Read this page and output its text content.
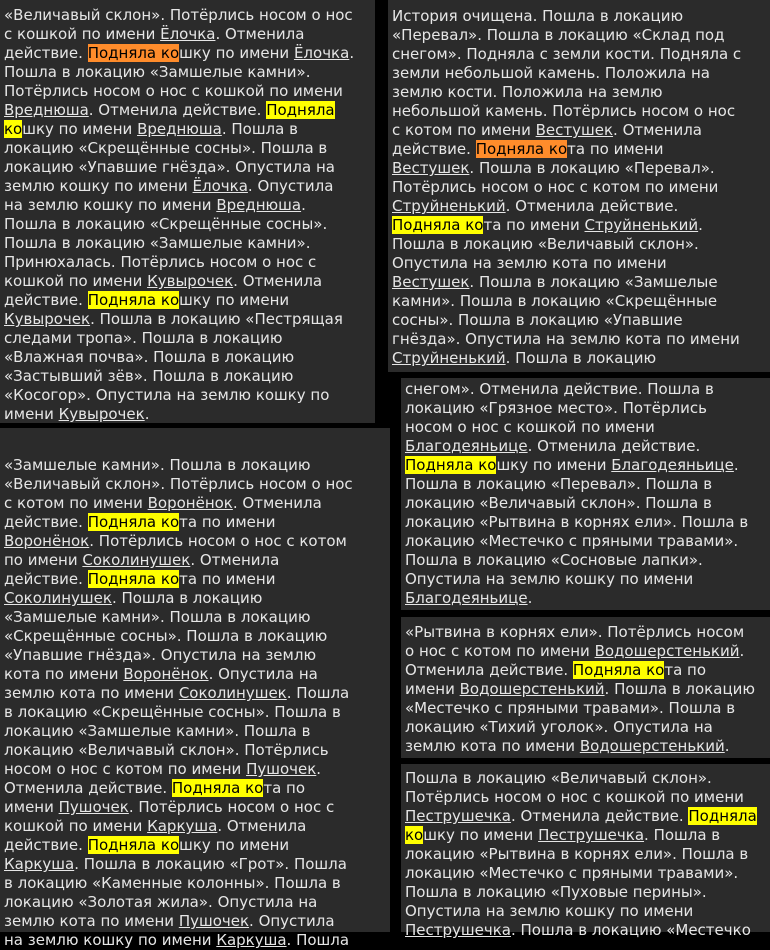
«Величавый склон». Потёрлись носом о нос
с кошкой по имени Ёлочка. Отменила
действие. Подняла кошку по имени Ёлочка.
Пошла в локацию «Замшелые камни».
Потёрлись носом о нос с кошкой по имени
Вреднюша. Отменила действие. Подняла
кошку по имени Вреднюша. Пошла в
локацию «Скрещённые сосны». Пошла в
локацию «Упавшие гнёзда». Опустила на
землю кошку по имени Ёлочка. Опустила
на землю кошку по имени Вреднюша.
Пошла в локацию «Скрещённые сосны».
Пошла в локацию «Замшелые камни».
Принюхалась. Потёрлись носом о нос с
кошкой по имени Кувырочек. Отменила
действие. Подняла кошку по имени
Кувырочек. Пошла в локацию «Пестрящая
следами тропа». Пошла в локацию
«Влажная почва». Пошла в локацию
«Застывший зёв». Пошла в локацию
«Косогор». Опустила на землю кошку по
имени Кувырочек.
История очищена. Пошла в локацию
«Перевал». Пошла в локацию «Склад под
снегом». Подняла с земли кости. Подняла с
земли небольшой камень. Положила на
землю кости. Положила на землю
небольшой камень. Потёрлись носом о нос
с котом по имени Вестушек. Отменила
действие. Подняла кота по имени
Вестушек. Пошла в локацию «Перевал».
Потёрлись носом о нос с котом по имени
Струйненький. Отменила действие.
Подняла кота по имени Струйненький.
Пошла в локацию «Величавый склон».
Опустила на землю кота по имени
Вестушек. Пошла в локацию «Замшелые
камни». Пошла в локацию «Скрещённые
сосны». Пошла в локацию «Упавшие
гнёзда». Опустила на землю кота по имени
Струйненький. Пошла в локацию
снегом». Отменила действие. Пошла в
локацию «Грязное место». Потёрлись
носом о нос с кошкой по имени
Благодеяньице. Отменила действие.
Подняла кошку по имени Благодеяньице.
Пошла в локацию «Перевал». Пошла в
локацию «Величавый склон». Пошла в
локацию «Рытвина в корнях ели». Пошла в
локацию «Местечко с пряными травами».
Пошла в локацию «Сосновые лапки».
Опустила на землю кошку по имени
Благодеяньице.
«Замшелые камни». Пошла в локацию
«Величавый склон». Потёрлись носом о нос
с котом по имени Воронёнок. Отменила
действие. Подняла кота по имени
Воронёнок. Потёрлись носом о нос с котом
по имени Соколинушек. Отменила
действие. Подняла кота по имени
Соколинушек. Пошла в локацию
«Замшелые камни». Пошла в локацию
«Скрещённые сосны». Пошла в локацию
«Упавшие гнёзда». Опустила на землю
кота по имени Воронёнок. Опустила на
землю кота по имени Соколинушек. Пошла
в локацию «Скрещённые сосны». Пошла в
локацию «Замшелые камни». Пошла в
локацию «Величавый склон». Потёрлись
носом о нос с котом по имени Пушочек.
Отменила действие. Подняла кота по
имени Пушочек. Потёрлись носом о нос с
кошкой по имени Каркуша. Отменила
действие. Подняла кошку по имени
Каркуша. Пошла в локацию «Грот». Пошла
в локацию «Каменные колонны». Пошла в
локацию «Золотая жила». Опустила на
землю кота по имени Пушочек. Опустила
на землю кошку по имени Каркуша. Пошла
«Рытвина в корнях ели». Потёрлись носом
о нос с котом по имени Водошерстенький.
Отменила действие. Подняла кота по
имени Водошерстенький. Пошла в локацию
«Местечко с пряными травами». Пошла в
локацию «Тихий уголок». Опустила на
землю кота по имени Водошерстенький.
Пошла в локацию «Величавый склон».
Потёрлись носом о нос с кошкой по имени
Пеструшечка. Отменила действие. Подняла
кошку по имени Пеструшечка. Пошла в
локацию «Рытвина в корнях ели». Пошла в
локацию «Местечко с пряными травами».
Пошла в локацию «Пуховые перины».
Опустила на землю кошку по имени
Пеструшечка. Пошла в локацию «Местечко
